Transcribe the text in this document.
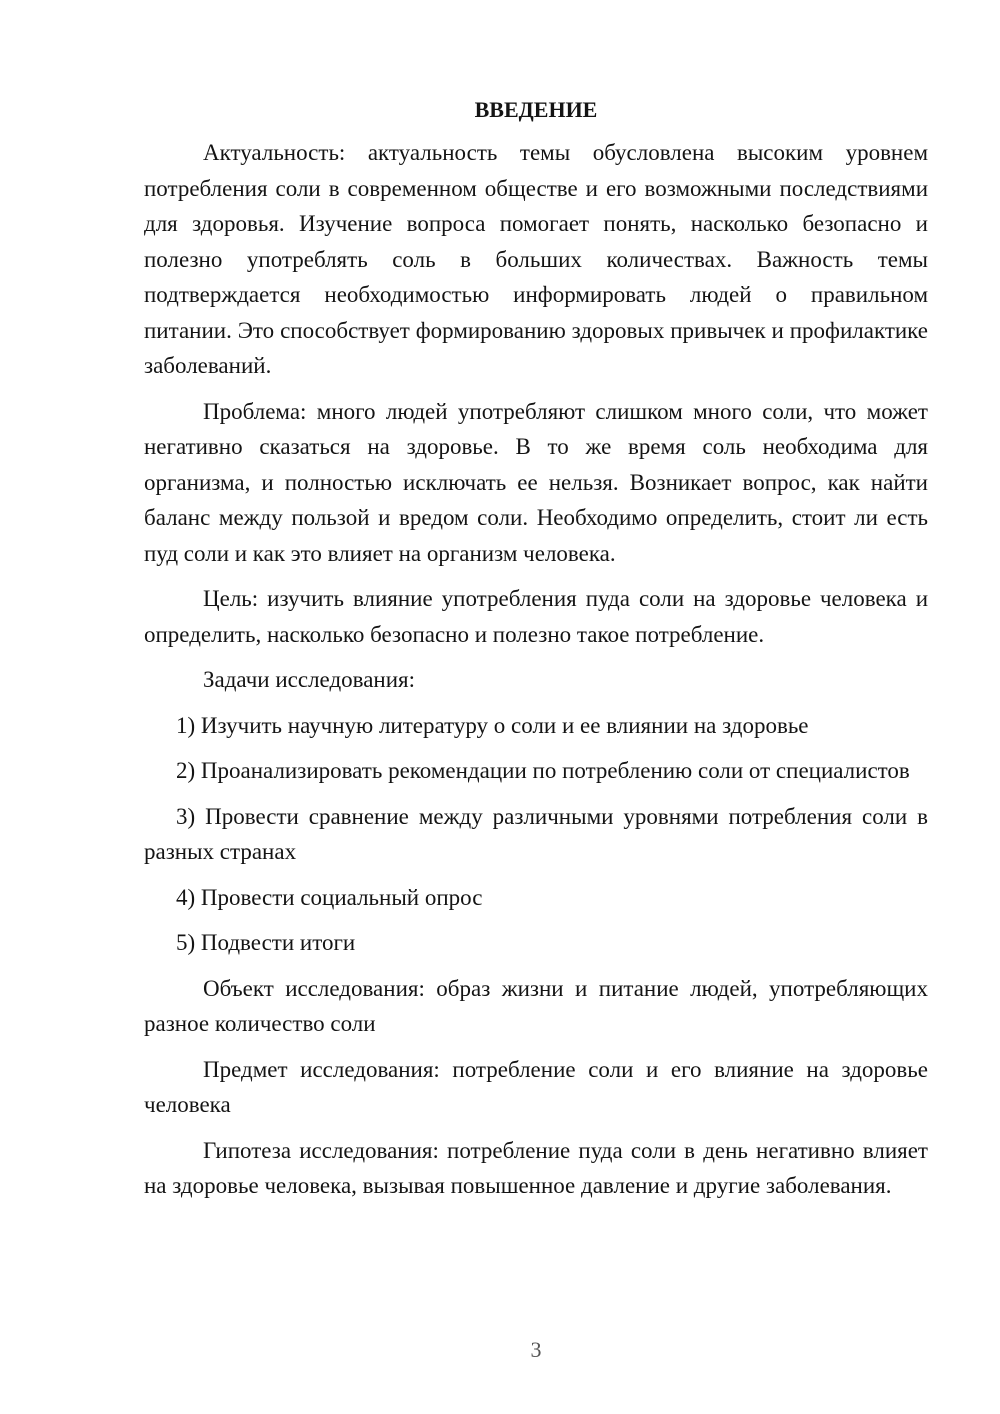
ВВЕДЕНИЕ

Актуальность: актуальность темы обусловлена высоким уровнем потребления соли в современном обществе и его возможными последствиями для здоровья. Изучение вопроса помогает понять, насколько безопасно и полезно употреблять соль в больших количествах. Важность темы подтверждается необходимостью информировать людей о правильном питании. Это способствует формированию здоровых привычек и профилактике заболеваний.

Проблема: много людей употребляют слишком много соли, что может негативно сказаться на здоровье. В то же время соль необходима для организма, и полностью исключать ее нельзя. Возникает вопрос, как найти баланс между пользой и вредом соли. Необходимо определить, стоит ли есть пуд соли и как это влияет на организм человека.

Цель: изучить влияние употребления пуда соли на здоровье человека и определить, насколько безопасно и полезно такое потребление.

Задачи исследования:

1) Изучить научную литературу о соли и ее влиянии на здоровье

2) Проанализировать рекомендации по потреблению соли от специалистов

3) Провести сравнение между различными уровнями потребления соли в разных странах

4) Провести социальный опрос

5) Подвести итоги

Объект исследования: образ жизни и питание людей, употребляющих разное количество соли

Предмет исследования: потребление соли и его влияние на здоровье человека

Гипотеза исследования: потребление пуда соли в день негативно влияет на здоровье человека, вызывая повышенное давление и другие заболевания.

3
